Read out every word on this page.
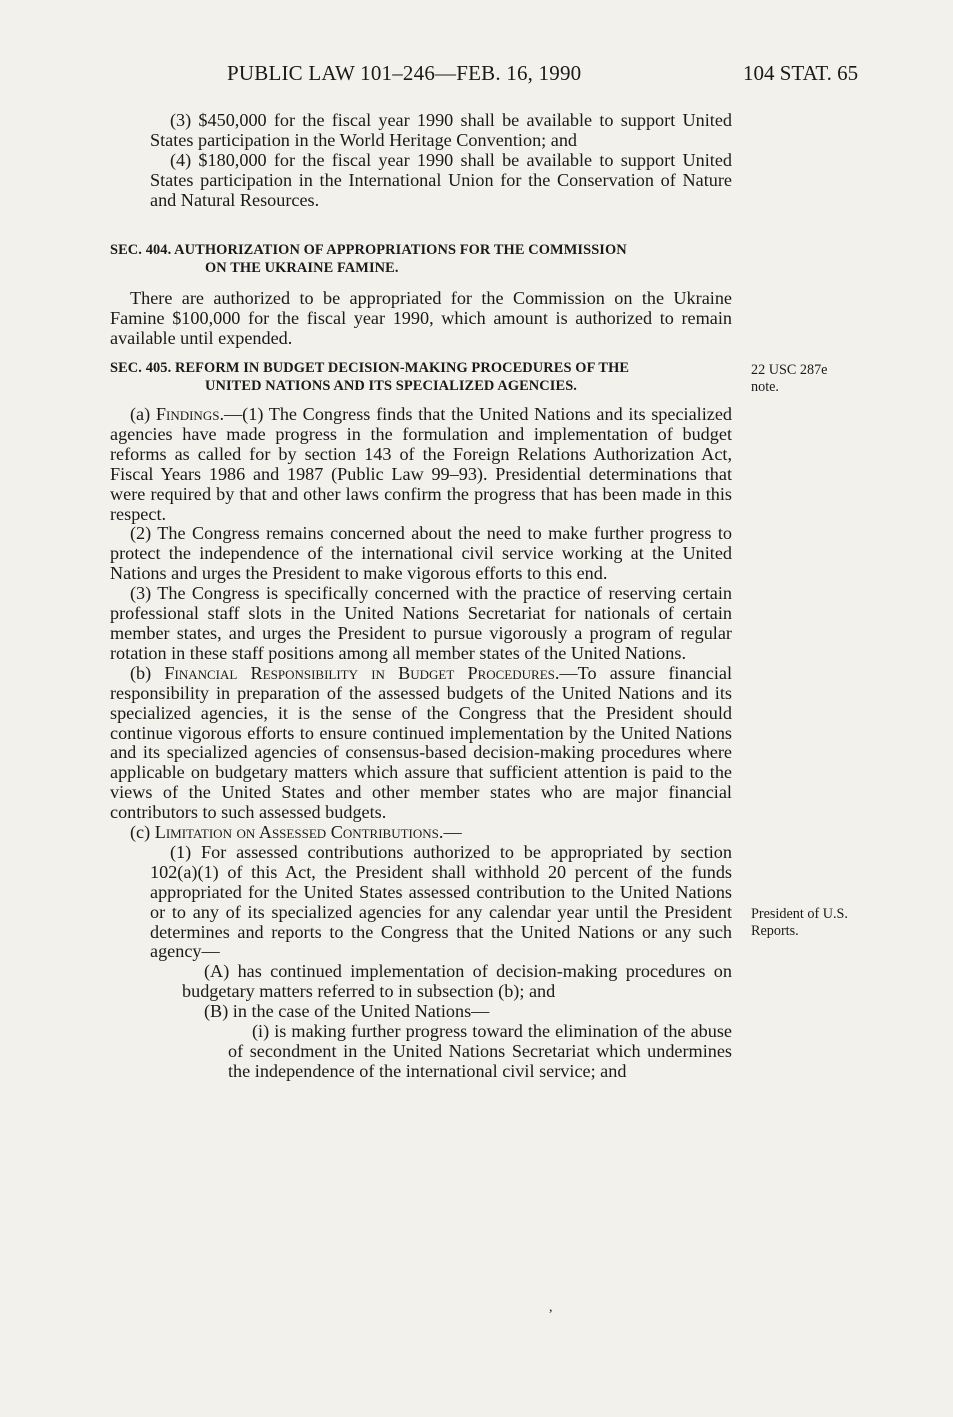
PUBLIC LAW 101–246—FEB. 16, 1990	104 STAT. 65

(3) $450,000 for the fiscal year 1990 shall be available to support United States participation in the World Heritage Convention; and

(4) $180,000 for the fiscal year 1990 shall be available to support United States participation in the International Union for the Conservation of Nature and Natural Resources.

SEC. 404. AUTHORIZATION OF APPROPRIATIONS FOR THE COMMISSION
ON THE UKRAINE FAMINE.

There are authorized to be appropriated for the Commission on the Ukraine Famine $100,000 for the fiscal year 1990, which amount is authorized to remain available until expended.

SEC. 405. REFORM IN BUDGET DECISION-MAKING PROCEDURES OF THE
UNITED NATIONS AND ITS SPECIALIZED AGENCIES.
22 USC 287e
note.

(a) Findings.—(1) The Congress finds that the United Nations and its specialized agencies have made progress in the formulation and implementation of budget reforms as called for by section 143 of the Foreign Relations Authorization Act, Fiscal Years 1986 and 1987 (Public Law 99–93). Presidential determinations that were required by that and other laws confirm the progress that has been made in this respect.

(2) The Congress remains concerned about the need to make further progress to protect the independence of the international civil service working at the United Nations and urges the President to make vigorous efforts to this end.

(3) The Congress is specifically concerned with the practice of reserving certain professional staff slots in the United Nations Secretariat for nationals of certain member states, and urges the President to pursue vigorously a program of regular rotation in these staff positions among all member states of the United Nations.

(b) Financial Responsibility in Budget Procedures.—To assure financial responsibility in preparation of the assessed budgets of the United Nations and its specialized agencies, it is the sense of the Congress that the President should continue vigorous efforts to ensure continued implementation by the United Nations and its specialized agencies of consensus-based decision-making procedures where applicable on budgetary matters which assure that sufficient attention is paid to the views of the United States and other member states who are major financial contributors to such assessed budgets.

(c) Limitation on Assessed Contributions.—

(1) For assessed contributions authorized to be appropriated by section 102(a)(1) of this Act, the President shall withhold 20 percent of the funds appropriated for the United States assessed contribution to the United Nations or to any of its specialized agencies for any calendar year until the President determines and reports to the Congress that the United Nations or any such agency—

(A) has continued implementation of decision-making procedures on budgetary matters referred to in subsection (b); and

(B) in the case of the United Nations—

(i) is making further progress toward the elimination of the abuse of secondment in the United Nations Secretariat which undermines the independence of the international civil service; and

President of U.S.
Reports.
,
